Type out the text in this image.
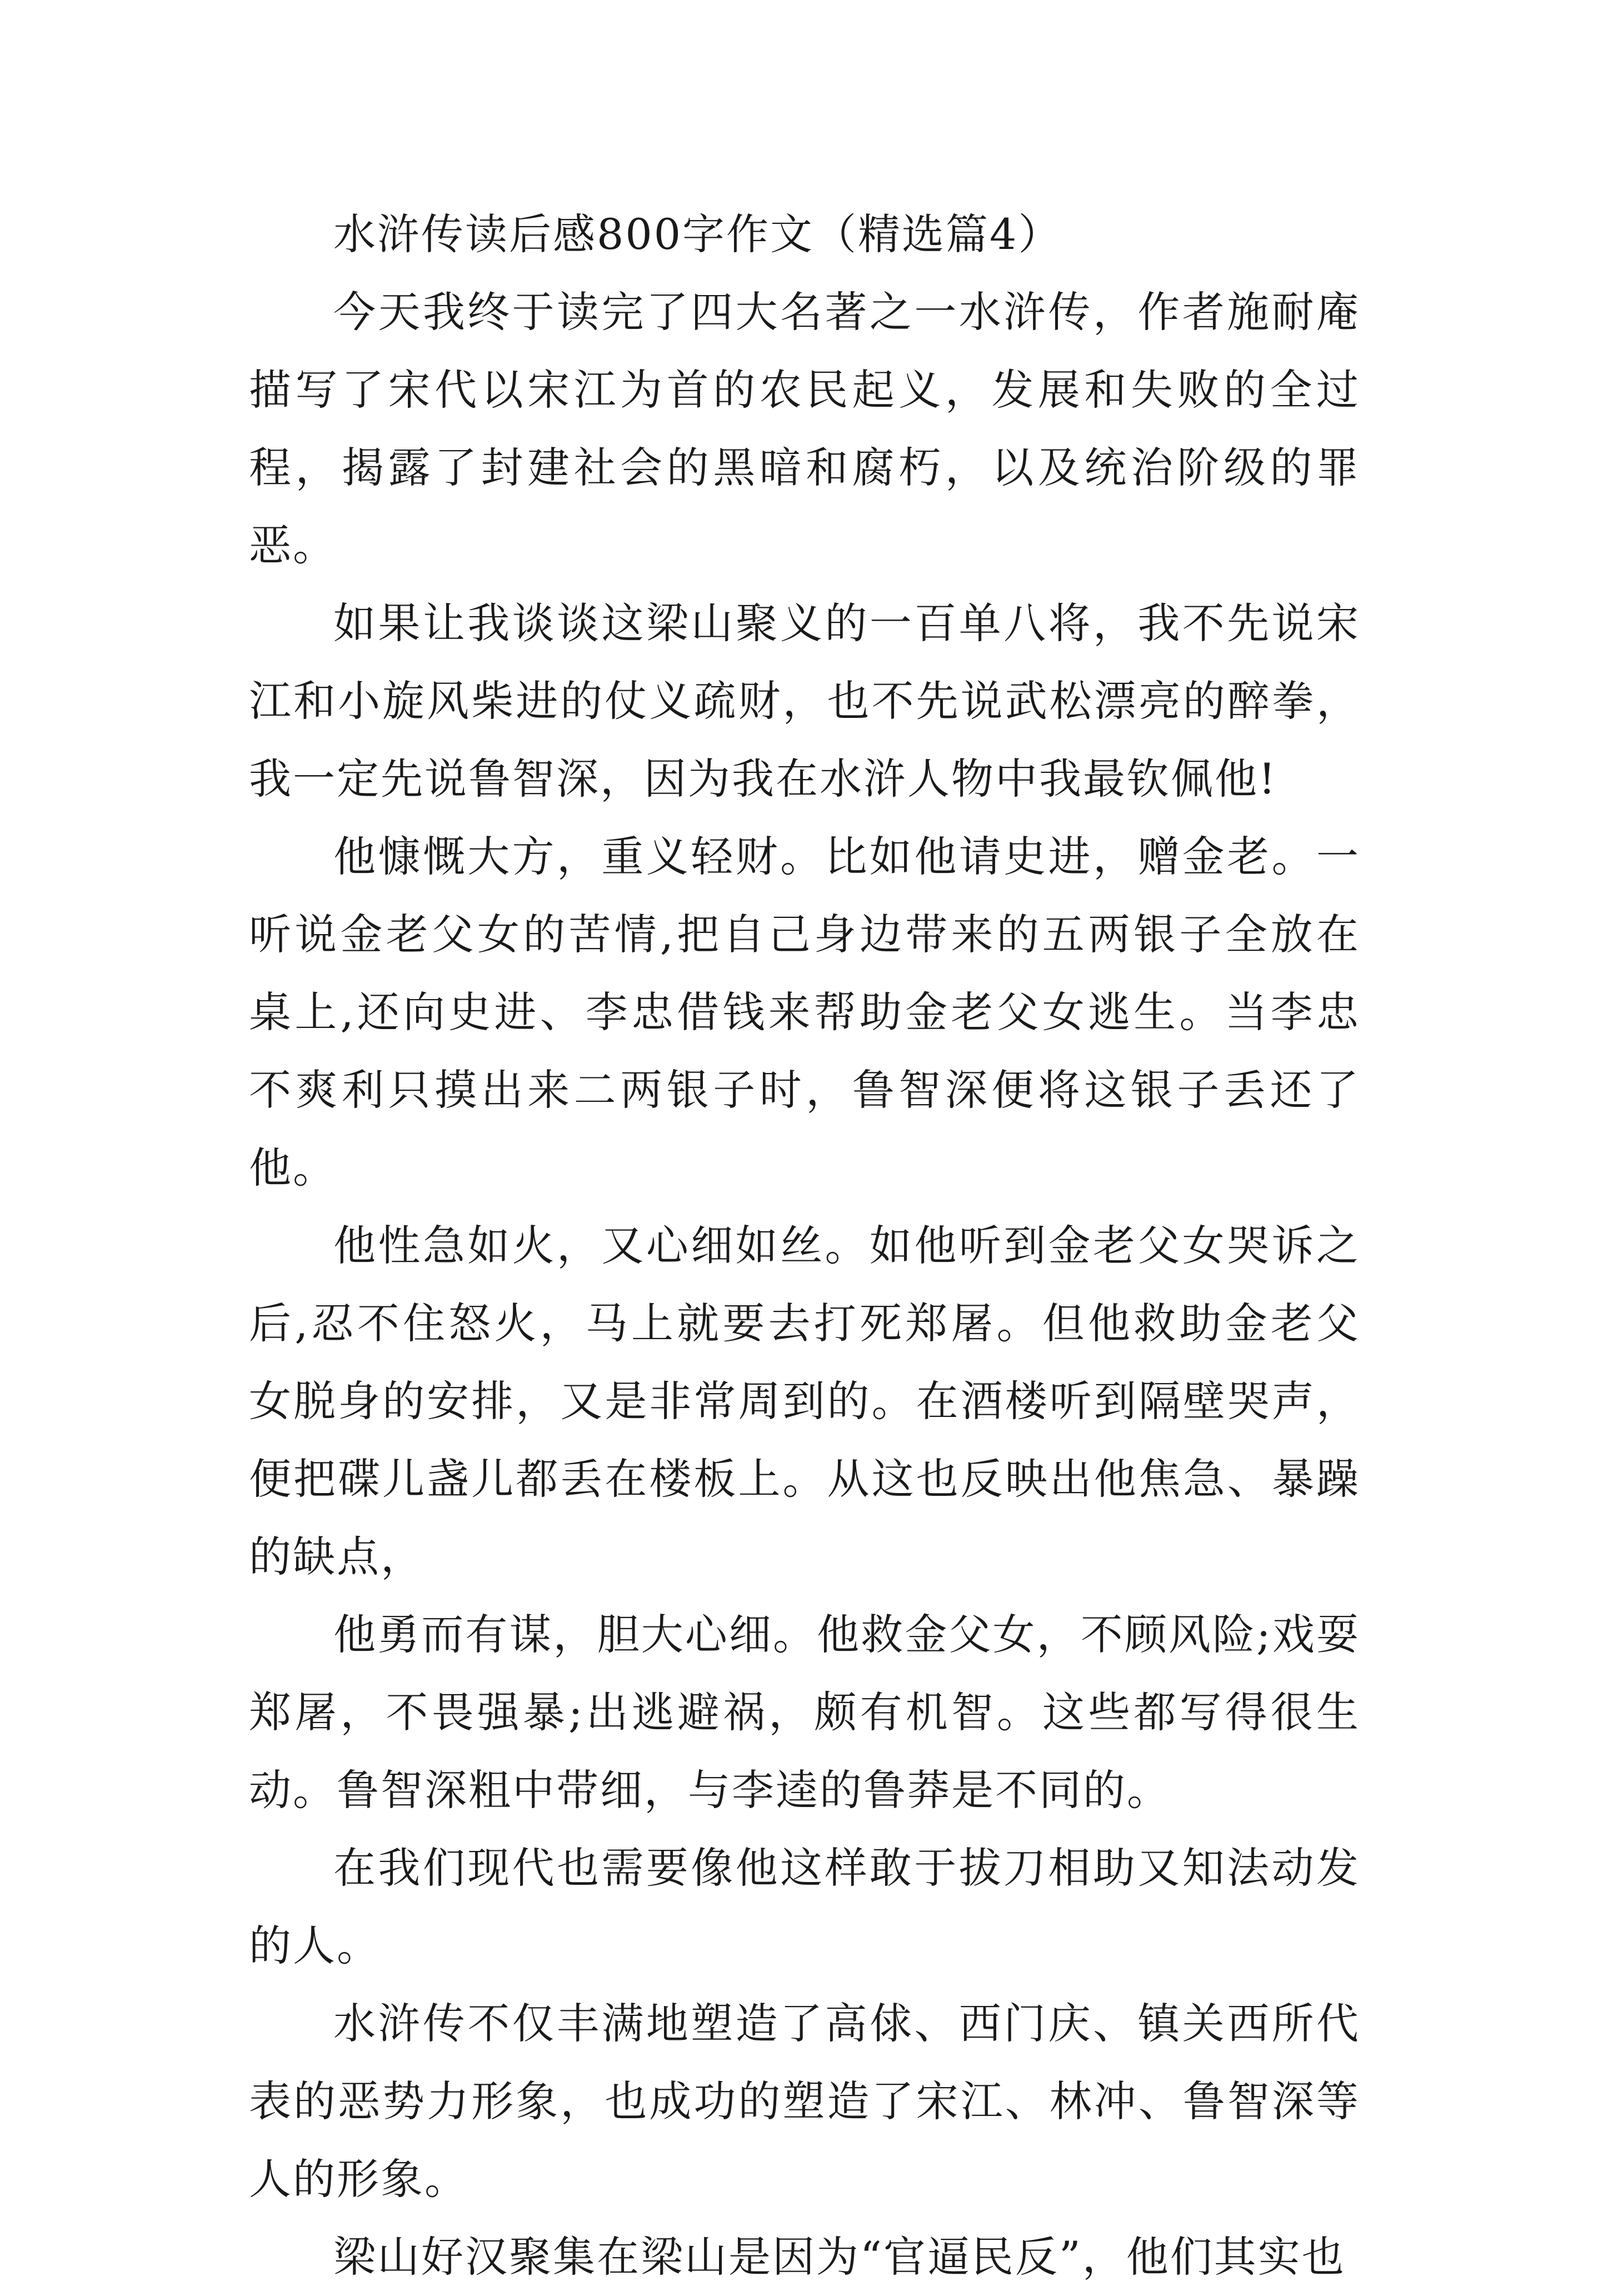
水浒传读后感800字作文（精选篇4）

今天我终于读完了四大名著之一水浒传，作者施耐庵描写了宋代以宋江为首的农民起义，发展和失败的全过程，揭露了封建社会的黑暗和腐朽，以及统治阶级的罪恶。

如果让我谈谈这梁山聚义的一百单八将，我不先说宋江和小旋风柴进的仗义疏财，也不先说武松漂亮的醉拳，我一定先说鲁智深，因为我在水浒人物中我最钦佩他!

他慷慨大方，重义轻财。比如他请史进，赠金老。一听说金老父女的苦情,把自己身边带来的五两银子全放在桌上,还向史进、李忠借钱来帮助金老父女逃生。当李忠不爽利只摸出来二两银子时，鲁智深便将这银子丢还了他。

他性急如火，又心细如丝。如他听到金老父女哭诉之后,忍不住怒火，马上就要去打死郑屠。但他救助金老父女脱身的安排，又是非常周到的。在酒楼听到隔壁哭声，便把碟儿盏儿都丢在楼板上。从这也反映出他焦急、暴躁的缺点，

他勇而有谋，胆大心细。他救金父女，不顾风险;戏耍郑屠，不畏强暴;出逃避祸，颇有机智。这些都写得很生动。鲁智深粗中带细，与李逵的鲁莽是不同的。

在我们现代也需要像他这样敢于拔刀相助又知法动发的人。

水浒传不仅丰满地塑造了高俅、西门庆、镇关西所代表的恶势力形象，也成功的塑造了宋江、林冲、鲁智深等人的形象。

梁山好汉聚集在梁山是因为“官逼民反”，他们其实也
